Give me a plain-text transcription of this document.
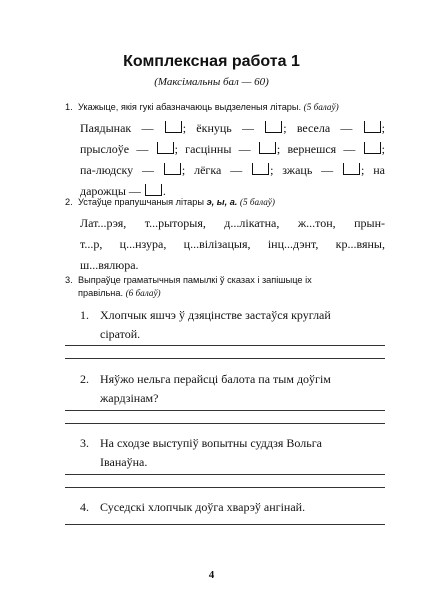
Комплексная работа 1
(Максімальны бал — 60)
1. Укажыце, якія гукі абазначаюць выдзеленыя літары. (5 балаў)
Паядынак — ; ёкнуць — ; весела — ;
прыслоўе — ; гасцінны — ; вернешся — ;
па-людску — ; лёгка — ; зжаць — ; на
дарожцы — .
2. Устаўце прапушчаныя літары э, ы, а. (5 балаў)
Лат...рэя, т...рыторыя, д...лікатна, ж...тон, прын-
т...р, ц...нзура, ц...вілізацыя, інц...дэнт, кр...вяны,
ш...вялюра.
3. Выпраўце граматычныя памылкі ў сказах і запішыце іх
правільна. (6 балаў)
1. Хлопчык яшчэ ў дзяцінстве застаўся круглай
сіратой.
2. Няўжо нельга перайсці балота па тым доўгім
жардзінам?
3. На сходзе выступіў вопытны суддзя Вольга
Іванаўна.
4. Суседскі хлопчык доўга хварэў ангінай.
4
